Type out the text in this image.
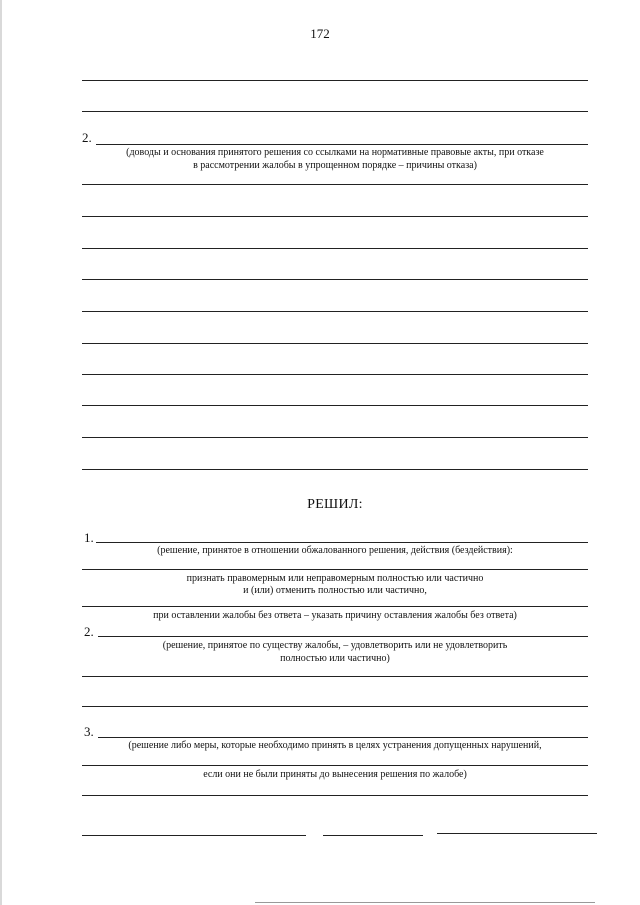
172
2.
(доводы и основания принятого решения со ссылками на нормативные правовые акты, при отказе
в рассмотрении жалобы в упрощенном порядке – причины отказа)
РЕШИЛ:
1.
(решение, принятое в отношении обжалованного решения, действия (бездействия):
признать правомерным или неправомерным полностью или частично
и (или) отменить полностью или частично,
при оставлении жалобы без ответа – указать причину оставления жалобы без ответа)
2.
(решение, принятое по существу жалобы, – удовлетворить или не удовлетворить
полностью или частично)
3.
(решение либо меры, которые необходимо принять в целях устранения допущенных нарушений,
если они не были приняты до вынесения решения по жалобе)
